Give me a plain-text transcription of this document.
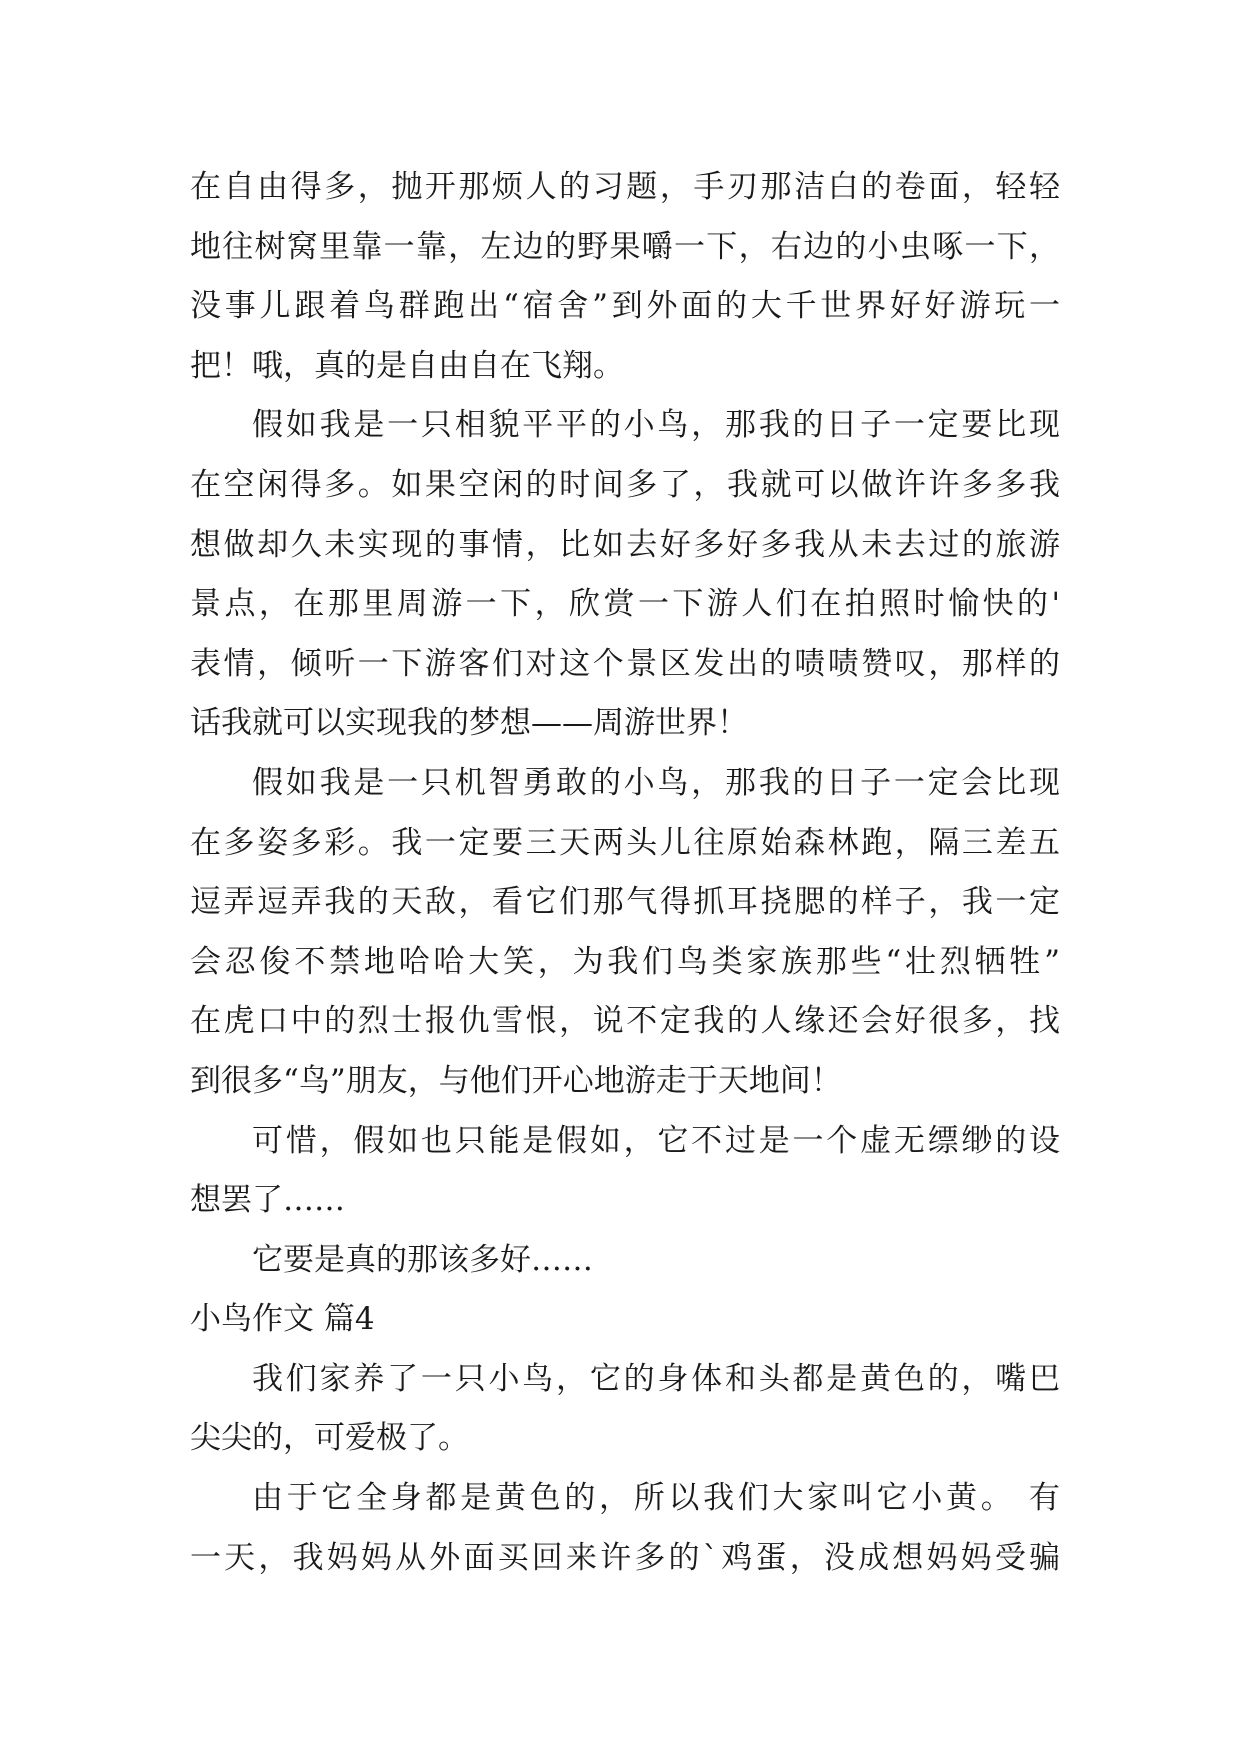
在自由得多，抛开那烦人的习题，手刃那洁白的卷面，轻轻
地往树窝里靠一靠，左边的野果嚼一下，右边的小虫啄一下，
没事儿跟着鸟群跑出“宿舍”到外面的大千世界好好游玩一
把！哦，真的是自由自在飞翔。
假如我是一只相貌平平的小鸟，那我的日子一定要比现
在空闲得多。如果空闲的时间多了，我就可以做许许多多我
想做却久未实现的事情，比如去好多好多我从未去过的旅游
景点，在那里周游一下，欣赏一下游人们在拍照时愉快的'
表情，倾听一下游客们对这个景区发出的啧啧赞叹，那样的
话我就可以实现我的梦想——周游世界！
假如我是一只机智勇敢的小鸟，那我的日子一定会比现
在多姿多彩。我一定要三天两头儿往原始森林跑，隔三差五
逗弄逗弄我的天敌，看它们那气得抓耳挠腮的样子，我一定
会忍俊不禁地哈哈大笑，为我们鸟类家族那些“壮烈牺牲”
在虎口中的烈士报仇雪恨，说不定我的人缘还会好很多，找
到很多“鸟”朋友，与他们开心地游走于天地间！
可惜，假如也只能是假如，它不过是一个虚无缥缈的设
想罢了……
它要是真的那该多好……
小鸟作文 篇4
我们家养了一只小鸟，它的身体和头都是黄色的，嘴巴
尖尖的，可爱极了。
由于它全身都是黄色的，所以我们大家叫它小黄。 有
一天，我妈妈从外面买回来许多的`鸡蛋，没成想妈妈受骗
